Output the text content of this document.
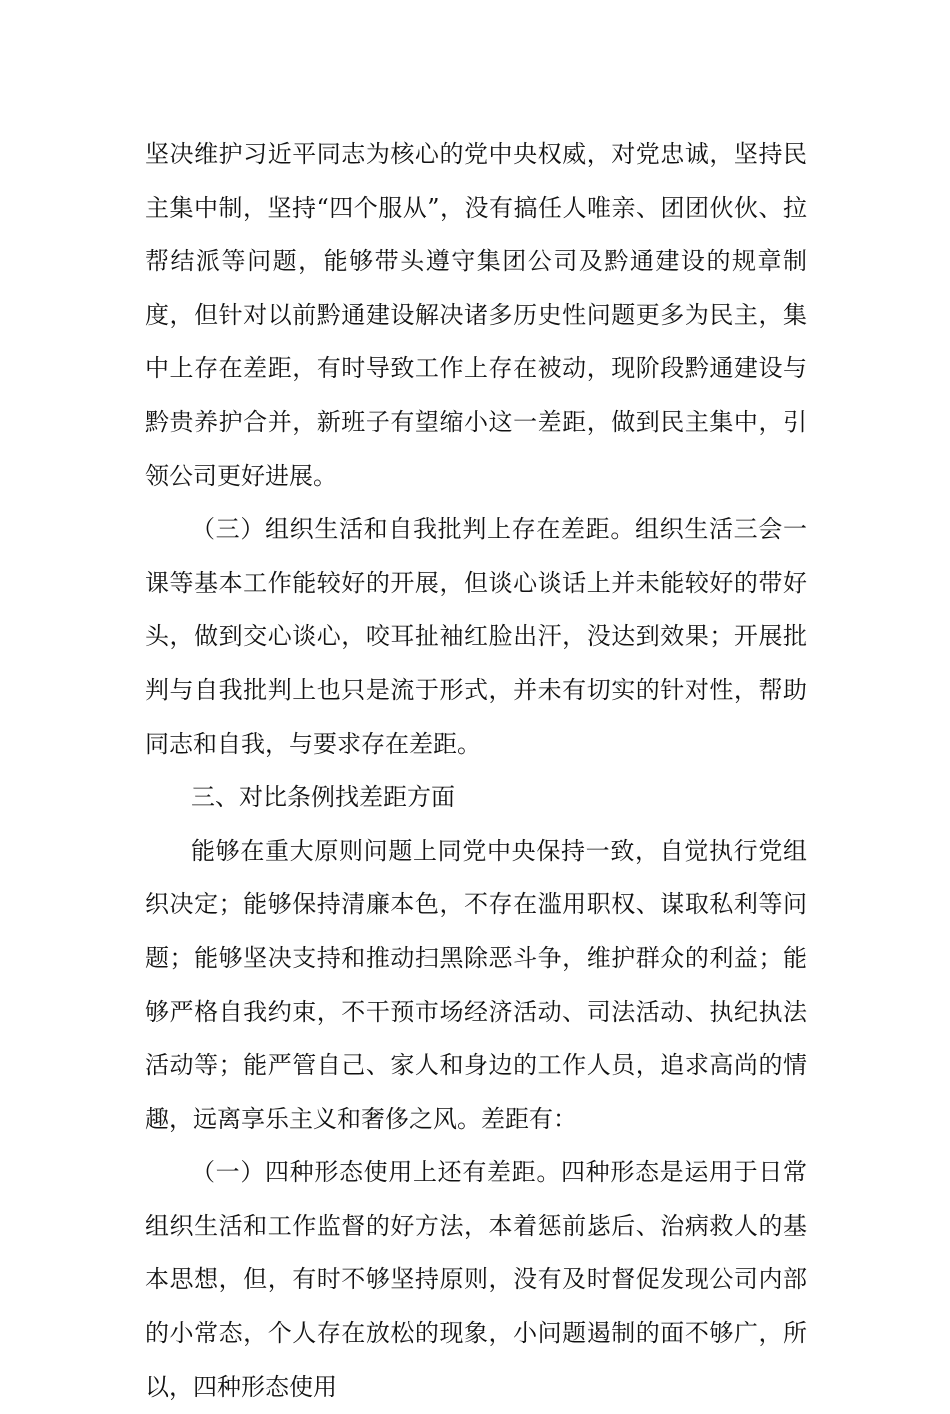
坚决维护习近平同志为核心的党中央权威，对党忠诚，坚持民主集中制，坚持“四个服从”，没有搞任人唯亲、团团伙伙、拉帮结派等问题，能够带头遵守集团公司及黔通建设的规章制度，但针对以前黔通建设解决诸多历史性问题更多为民主，集中上存在差距，有时导致工作上存在被动，现阶段黔通建设与黔贵养护合并，新班子有望缩小这一差距，做到民主集中，引领公司更好进展。

（三）组织生活和自我批判上存在差距。组织生活三会一课等基本工作能较好的开展，但谈心谈话上并未能较好的带好头，做到交心谈心，咬耳扯袖红脸出汗，没达到效果；开展批判与自我批判上也只是流于形式，并未有切实的针对性，帮助同志和自我，与要求存在差距。

三、对比条例找差距方面

能够在重大原则问题上同党中央保持一致，自觉执行党组织决定；能够保持清廉本色，不存在滥用职权、谋取私利等问题；能够坚决支持和推动扫黑除恶斗争，维护群众的利益；能够严格自我约束，不干预市场经济活动、司法活动、执纪执法活动等；能严管自己、家人和身边的工作人员，追求高尚的情趣，远离享乐主义和奢侈之风。差距有：

（一）四种形态使用上还有差距。四种形态是运用于日常组织生活和工作监督的好方法，本着惩前毖后、治病救人的基本思想，但，有时不够坚持原则，没有及时督促发现公司内部的小常态，个人存在放松的现象，小问题遏制的面不够广，所以，四种形态使用
